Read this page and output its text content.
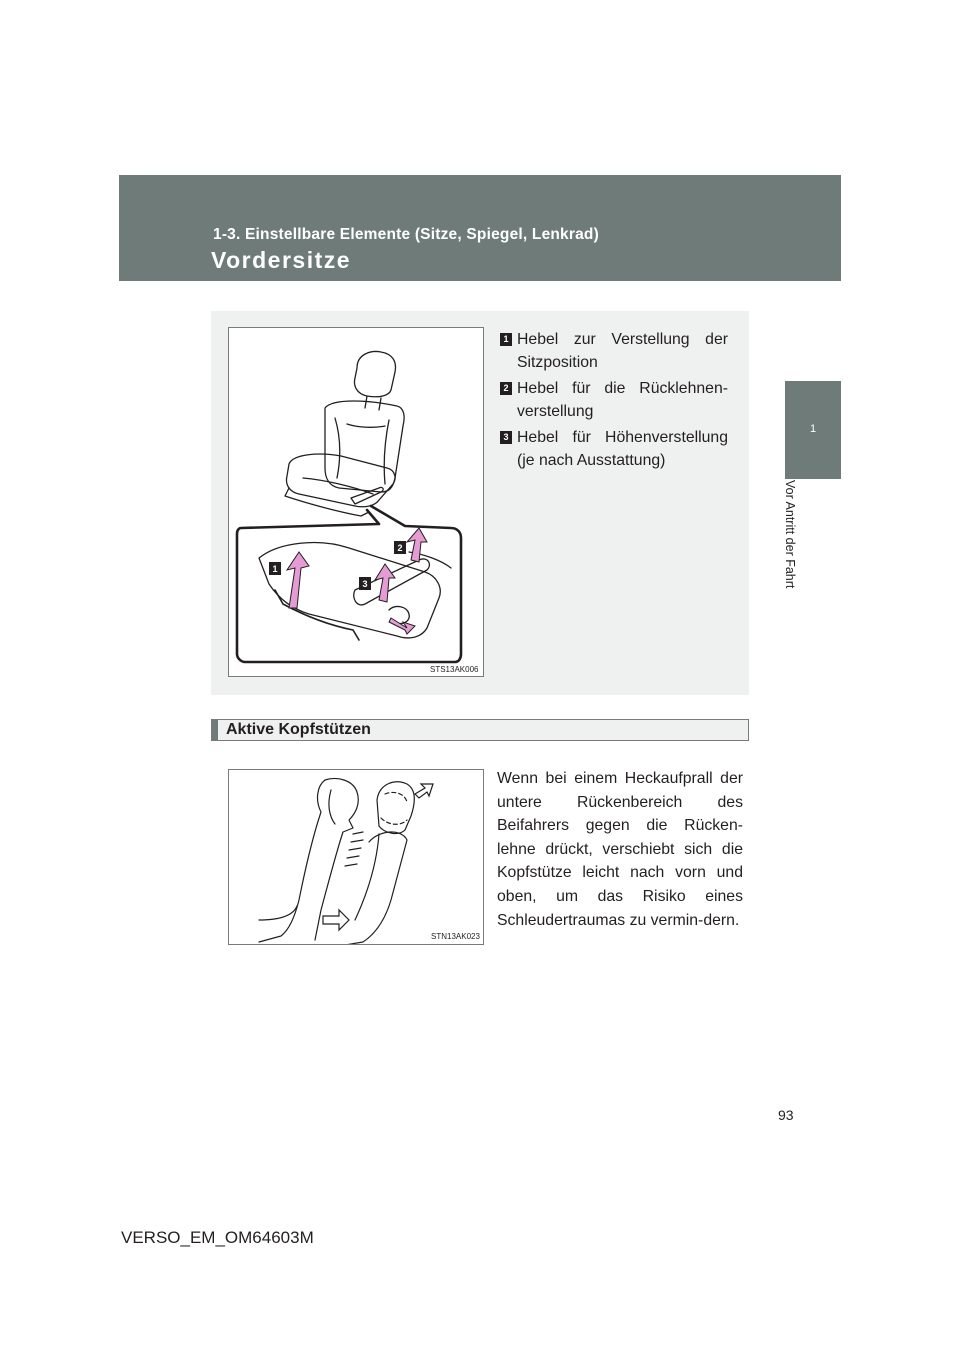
1-3. Einstellbare Elemente (Sitze, Spiegel, Lenkrad)
Vordersitze
1
Vor Antritt der Fahrt
1
2
3
STS13AK006
1 Hebel zur Verstellung der Sitzposition
2 Hebel für die Rücklehnen-verstellung
3 Hebel für Höhenverstellung (je nach Ausstattung)
Aktive Kopfstützen
STN13AK023
Wenn bei einem Heckaufprall der untere Rückenbereich des Beifahrers gegen die Rücken-lehne drückt, verschiebt sich die Kopfstütze leicht nach vorn und oben, um das Risiko eines Schleudertraumas zu vermin-dern.
93
VERSO_EM_OM64603M
